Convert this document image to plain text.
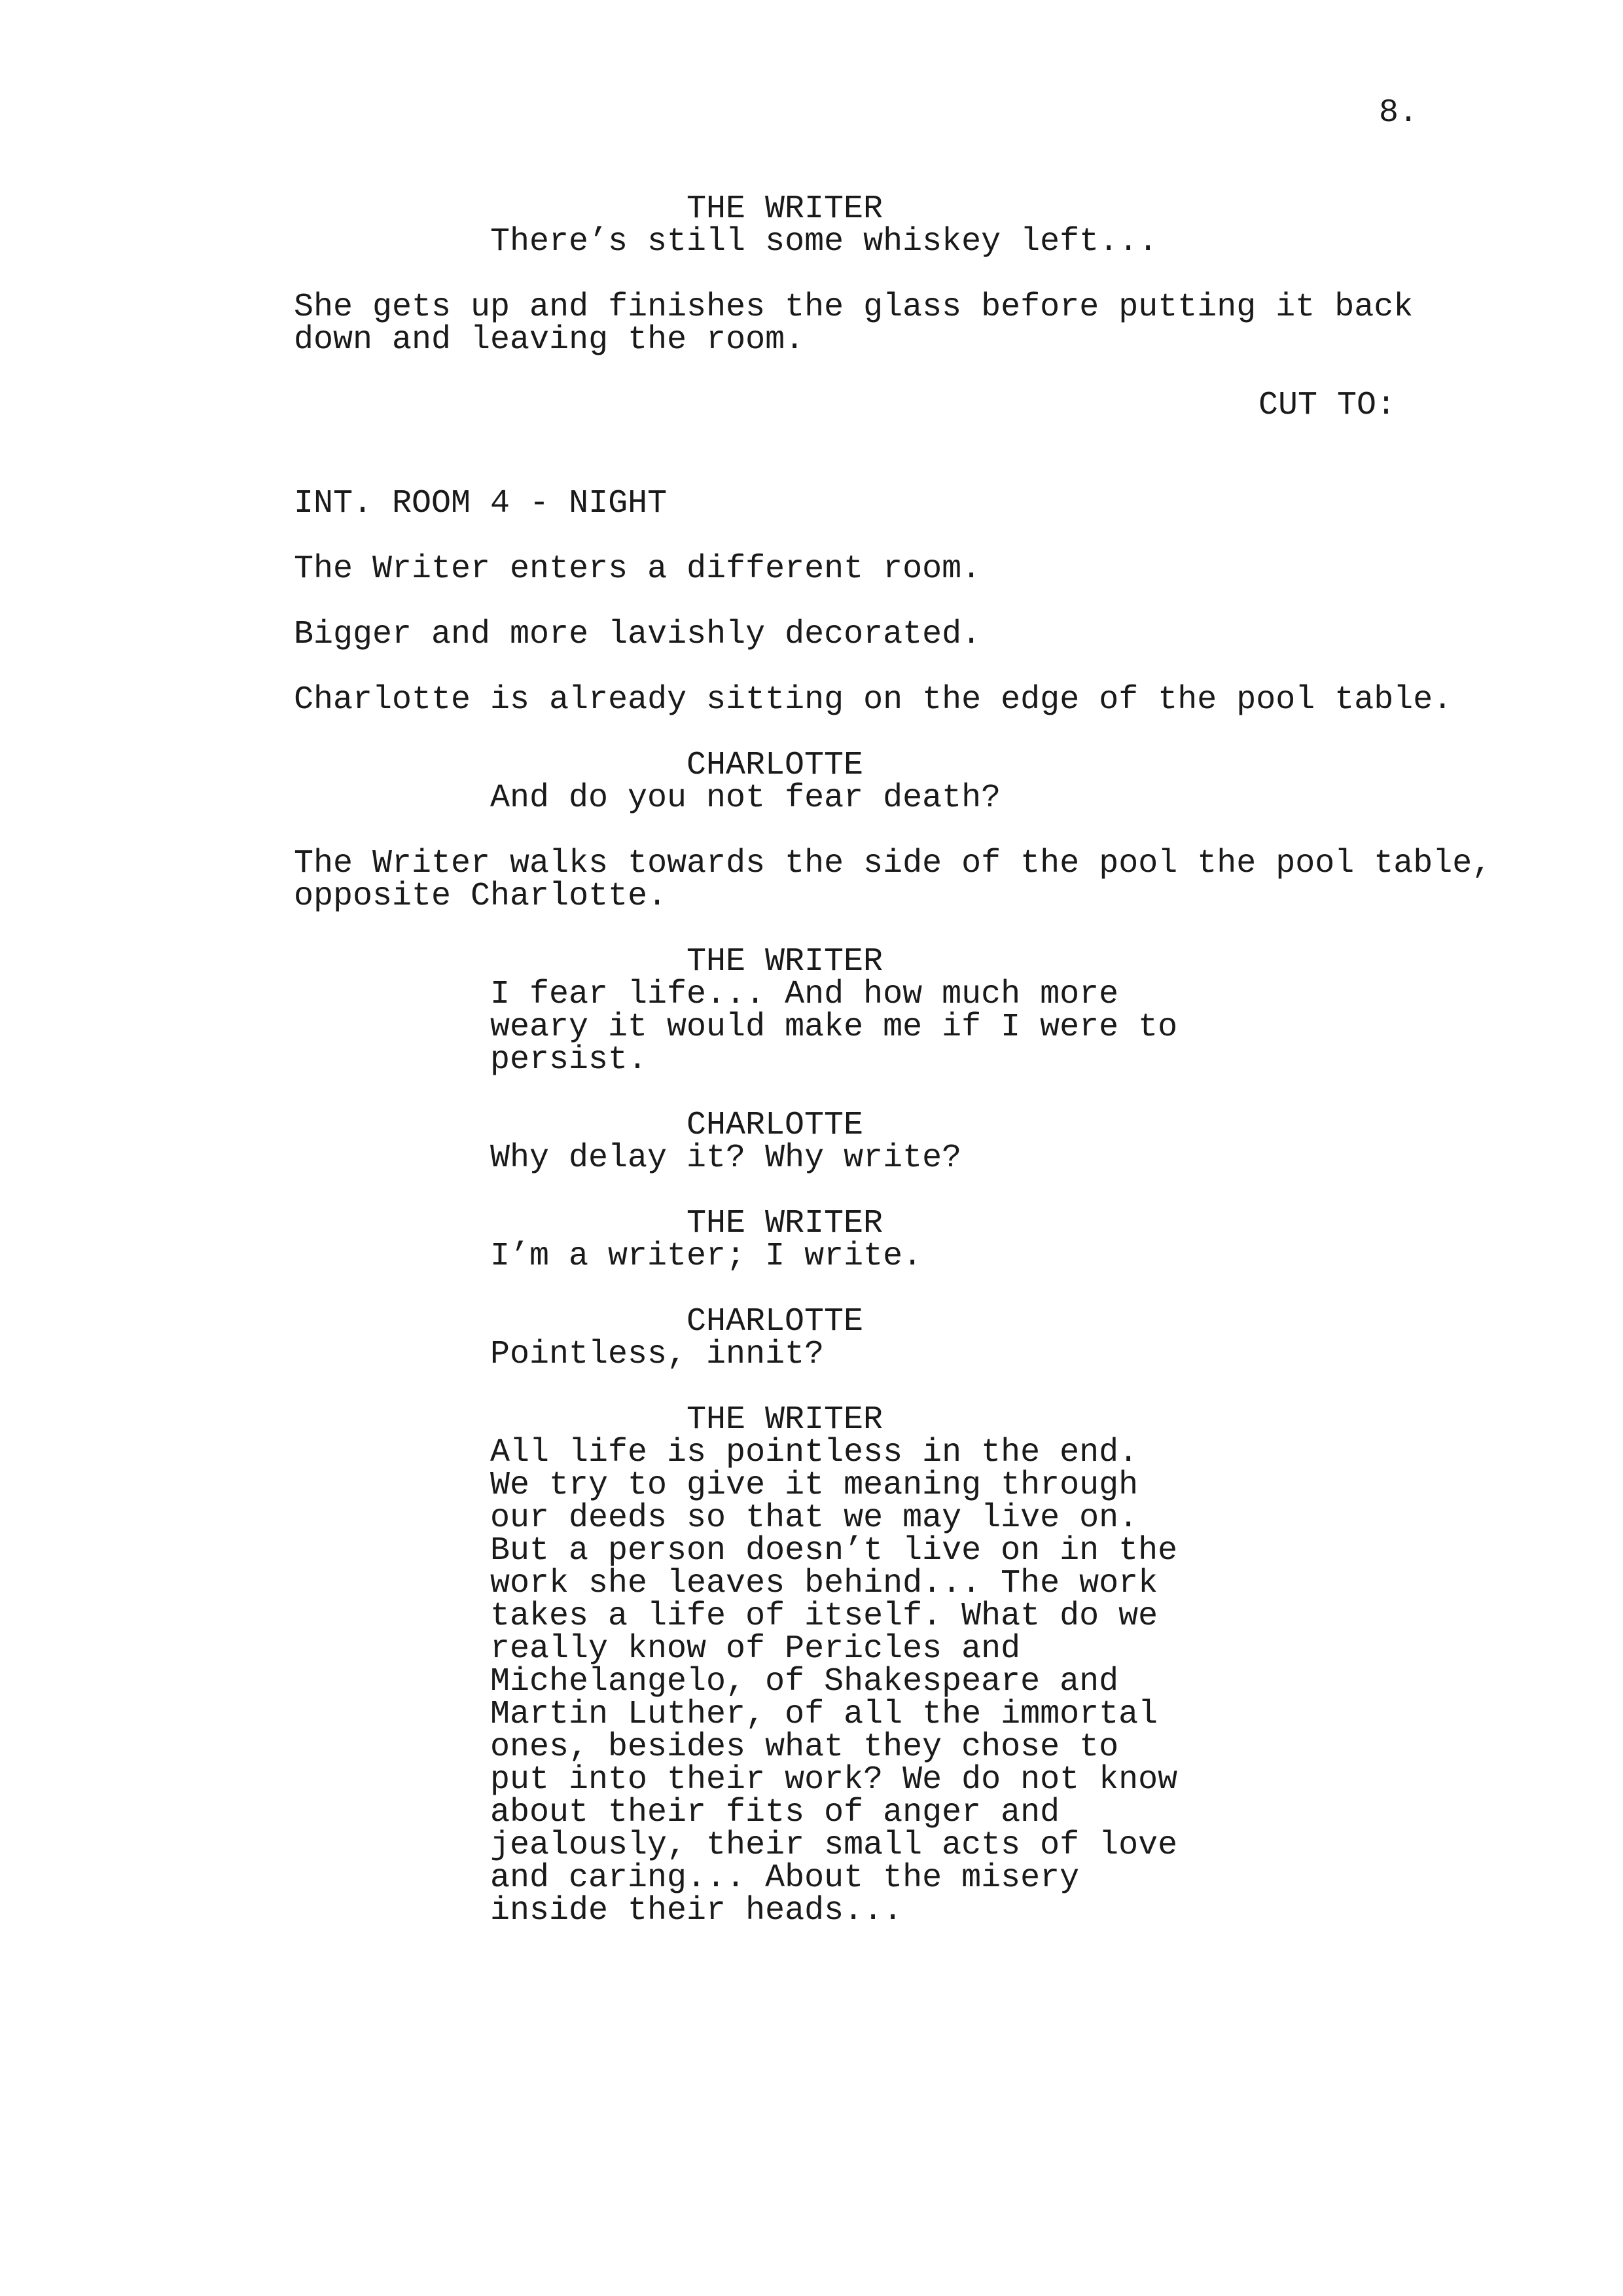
8.
THE WRITER
There’s still some whiskey left...
She gets up and finishes the glass before putting it back
down and leaving the room.
CUT TO:
INT. ROOM 4 - NIGHT
The Writer enters a different room.
Bigger and more lavishly decorated.
Charlotte is already sitting on the edge of the pool table.
CHARLOTTE
And do you not fear death?
The Writer walks towards the side of the pool the pool table,
opposite Charlotte.
THE WRITER
I fear life... And how much more
weary it would make me if I were to
persist.
CHARLOTTE
Why delay it? Why write?
THE WRITER
I’m a writer; I write.
CHARLOTTE
Pointless, innit?
THE WRITER
All life is pointless in the end.
We try to give it meaning through
our deeds so that we may live on.
But a person doesn’t live on in the
work she leaves behind... The work
takes a life of itself. What do we
really know of Pericles and
Michelangelo, of Shakespeare and
Martin Luther, of all the immortal
ones, besides what they chose to
put into their work? We do not know
about their fits of anger and
jealously, their small acts of love
and caring... About the misery
inside their heads...
